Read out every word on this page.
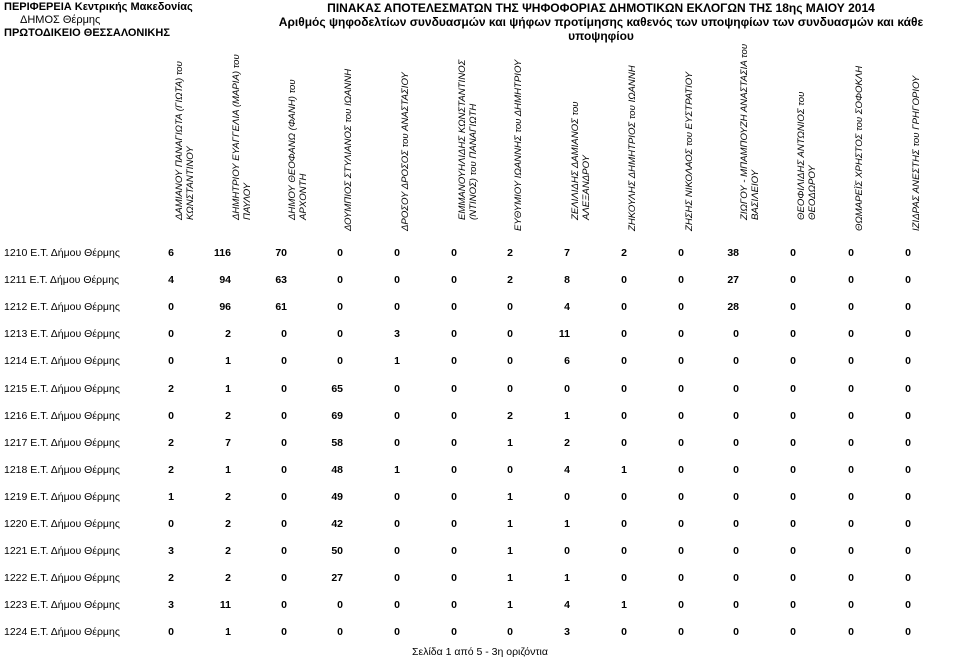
ΠΕΡΙΦΕΡΕΙΑ Κεντρικής Μακεδονίας
ΔΗΜΟΣ Θέρμης
ΠΡΩΤΟΔΙΚΕΙΟ ΘΕΣΣΑΛΟΝΙΚΗΣ
ΠΙΝΑΚΑΣ ΑΠΟΤΕΛΕΣΜΑΤΩΝ ΤΗΣ ΨΗΦΟΦΟΡΙΑΣ ΔΗΜΟΤΙΚΩΝ ΕΚΛΟΓΩΝ ΤΗΣ 18ης ΜΑΙΟΥ 2014
Αριθμός ψηφοδελτίων συνδυασμών και ψήφων προτίμησης καθενός των υποψηφίων των συνδυασμών και κάθε υποψηφίου
ΔΑΜΙΑΝΟΥ ΠΑΝΑΓΙΩΤΑ (ΓΙΩΤΑ) του ΚΩΝΣΤΑΝΤΙΝΟΥ	ΔΗΜΗΤΡΙΟΥ ΕΥΑΓΓΕΛΙΑ (ΜΑΡΙΑ) του ΠΑΥΛΟΥ	ΔΗΜΟΥ ΘΕΟΦΑΝΩ (ΦΑΝΗ) του ΑΡΧΟΝΤΗ	ΔΟΥΜΠΙΟΣ ΣΤΥΛΙΑΝΟΣ του ΙΩΑΝΝΗ	ΔΡΟΣΟΥ ΔΡΟΣΟΣ του ΑΝΑΣΤΑΣΙΟΥ	ΕΜΜΑΝΟΥΗΛΙΔΗΣ ΚΩΝΣΤΑΝΤΙΝΟΣ (ΝΤΙΝΟΣ) του ΠΑΝΑΓΙΩΤΗ	ΕΥΘΥΜΙΟΥ ΙΩΑΝΝΗΣ του ΔΗΜΗΤΡΙΟΥ	ΖΕΛΙΛΙΔΗΣ ΔΑΜΙΑΝΟΣ του ΑΛΕΞΑΝΔΡΟΥ	ΖΗΚΟΥΛΗΣ ΔΗΜΗΤΡΙΟΣ του ΙΩΑΝΝΗ	ΖΗΣΗΣ ΝΙΚΟΛΑΟΣ του ΕΥΣΤΡΑΤΙΟΥ	ΖΙΩΓΟΥ - ΜΠΑΜΠΟΥΖΗ ΑΝΑΣΤΑΣΙΑ του ΒΑΣΙΛΕΙΟΥ	ΘΕΟΦΙΛΙΔΗΣ ΑΝΤΩΝΙΟΣ του ΘΕΟΔΩΡΟΥ	ΘΩΜΑΡΕΪΣ ΧΡΗΣΤΟΣ του ΣΟΦΟΚΛΗ	ΙΖΙΔΡΑΣ ΑΝΕΣΤΗΣ του ΓΡΗΓΟΡΙΟΥ
1210 Ε.Τ. Δήμου Θέρμης	6	116	70	0	0	0	2	7	2	0	38	0	0	0
1211 Ε.Τ. Δήμου Θέρμης	4	94	63	0	0	0	2	8	0	0	27	0	0	0
1212 Ε.Τ. Δήμου Θέρμης	0	96	61	0	0	0	0	4	0	0	28	0	0	0
1213 Ε.Τ. Δήμου Θέρμης	0	2	0	0	3	0	0	11	0	0	0	0	0	0
1214 Ε.Τ. Δήμου Θέρμης	0	1	0	0	1	0	0	6	0	0	0	0	0	0
1215 Ε.Τ. Δήμου Θέρμης	2	1	0	65	0	0	0	0	0	0	0	0	0	0
1216 Ε.Τ. Δήμου Θέρμης	0	2	0	69	0	0	2	1	0	0	0	0	0	0
1217 Ε.Τ. Δήμου Θέρμης	2	7	0	58	0	0	1	2	0	0	0	0	0	0
1218 Ε.Τ. Δήμου Θέρμης	2	1	0	48	1	0	0	4	1	0	0	0	0	0
1219 Ε.Τ. Δήμου Θέρμης	1	2	0	49	0	0	1	0	0	0	0	0	0	0
1220 Ε.Τ. Δήμου Θέρμης	0	2	0	42	0	0	1	1	0	0	0	0	0	0
1221 Ε.Τ. Δήμου Θέρμης	3	2	0	50	0	0	1	0	0	0	0	0	0	0
1222 Ε.Τ. Δήμου Θέρμης	2	2	0	27	0	0	1	1	0	0	0	0	0	0
1223 Ε.Τ. Δήμου Θέρμης	3	11	0	0	0	0	1	4	1	0	0	0	0	0
1224 Ε.Τ. Δήμου Θέρμης	0	1	0	0	0	0	0	3	0	0	0	0	0	0
Σελίδα 1 από 5 - 3η οριζόντια
